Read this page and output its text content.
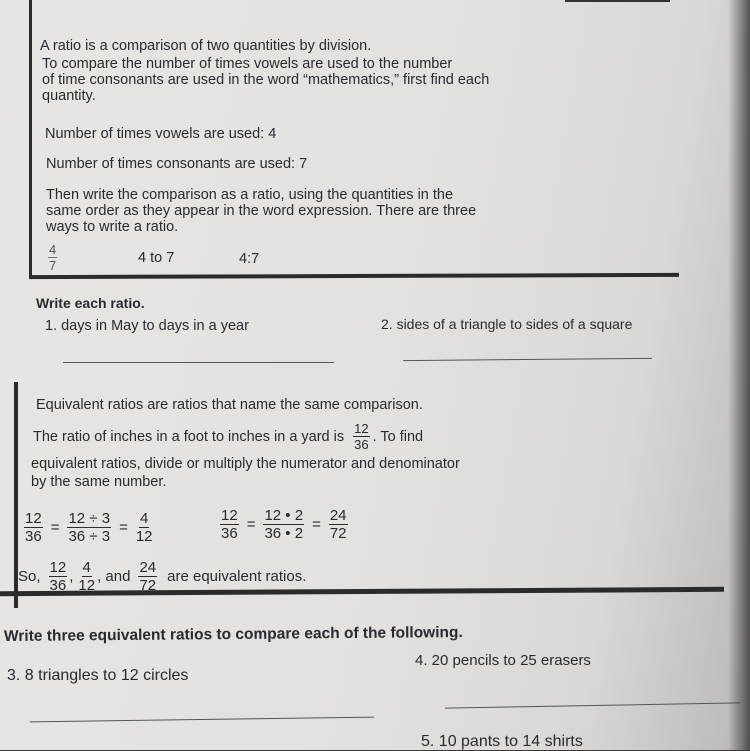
A ratio is a comparison of two quantities by division.
To compare the number of times vowels are used to the number
of time consonants are used in the word “mathematics,” first find each
quantity.
Number of times vowels are used: 4
Number of times consonants are used: 7
Then write the comparison as a ratio, using the quantities in the
same order as they appear in the word expression. There are three
ways to write a ratio.
$\frac{4}{7}$	4 to 7	4:7
Write each ratio.
1. days in May to days in a year	2. sides of a triangle to sides of a square
Equivalent ratios are ratios that name the same comparison.
The ratio of inches in a foot to inches in a yard is $\frac{12}{36}$ . To find
equivalent ratios, divide or multiply the numerator and denominator
by the same number.
$\frac{12}{36} = \frac{12 \div 3}{36 \div 3} = \frac{4}{12}$	$\frac{12}{36} = \frac{12 • 2}{36 • 2} = \frac{24}{72}$
So, $\frac{12}{36}$ , $\frac{4}{12}$ , and $\frac{24}{72}$ are equivalent ratios.
Write three equivalent ratios to compare each of the following.
3. 8 triangles to 12 circles
4. 20 pencils to 25 erasers
5. 10 pants to 14 shirts
